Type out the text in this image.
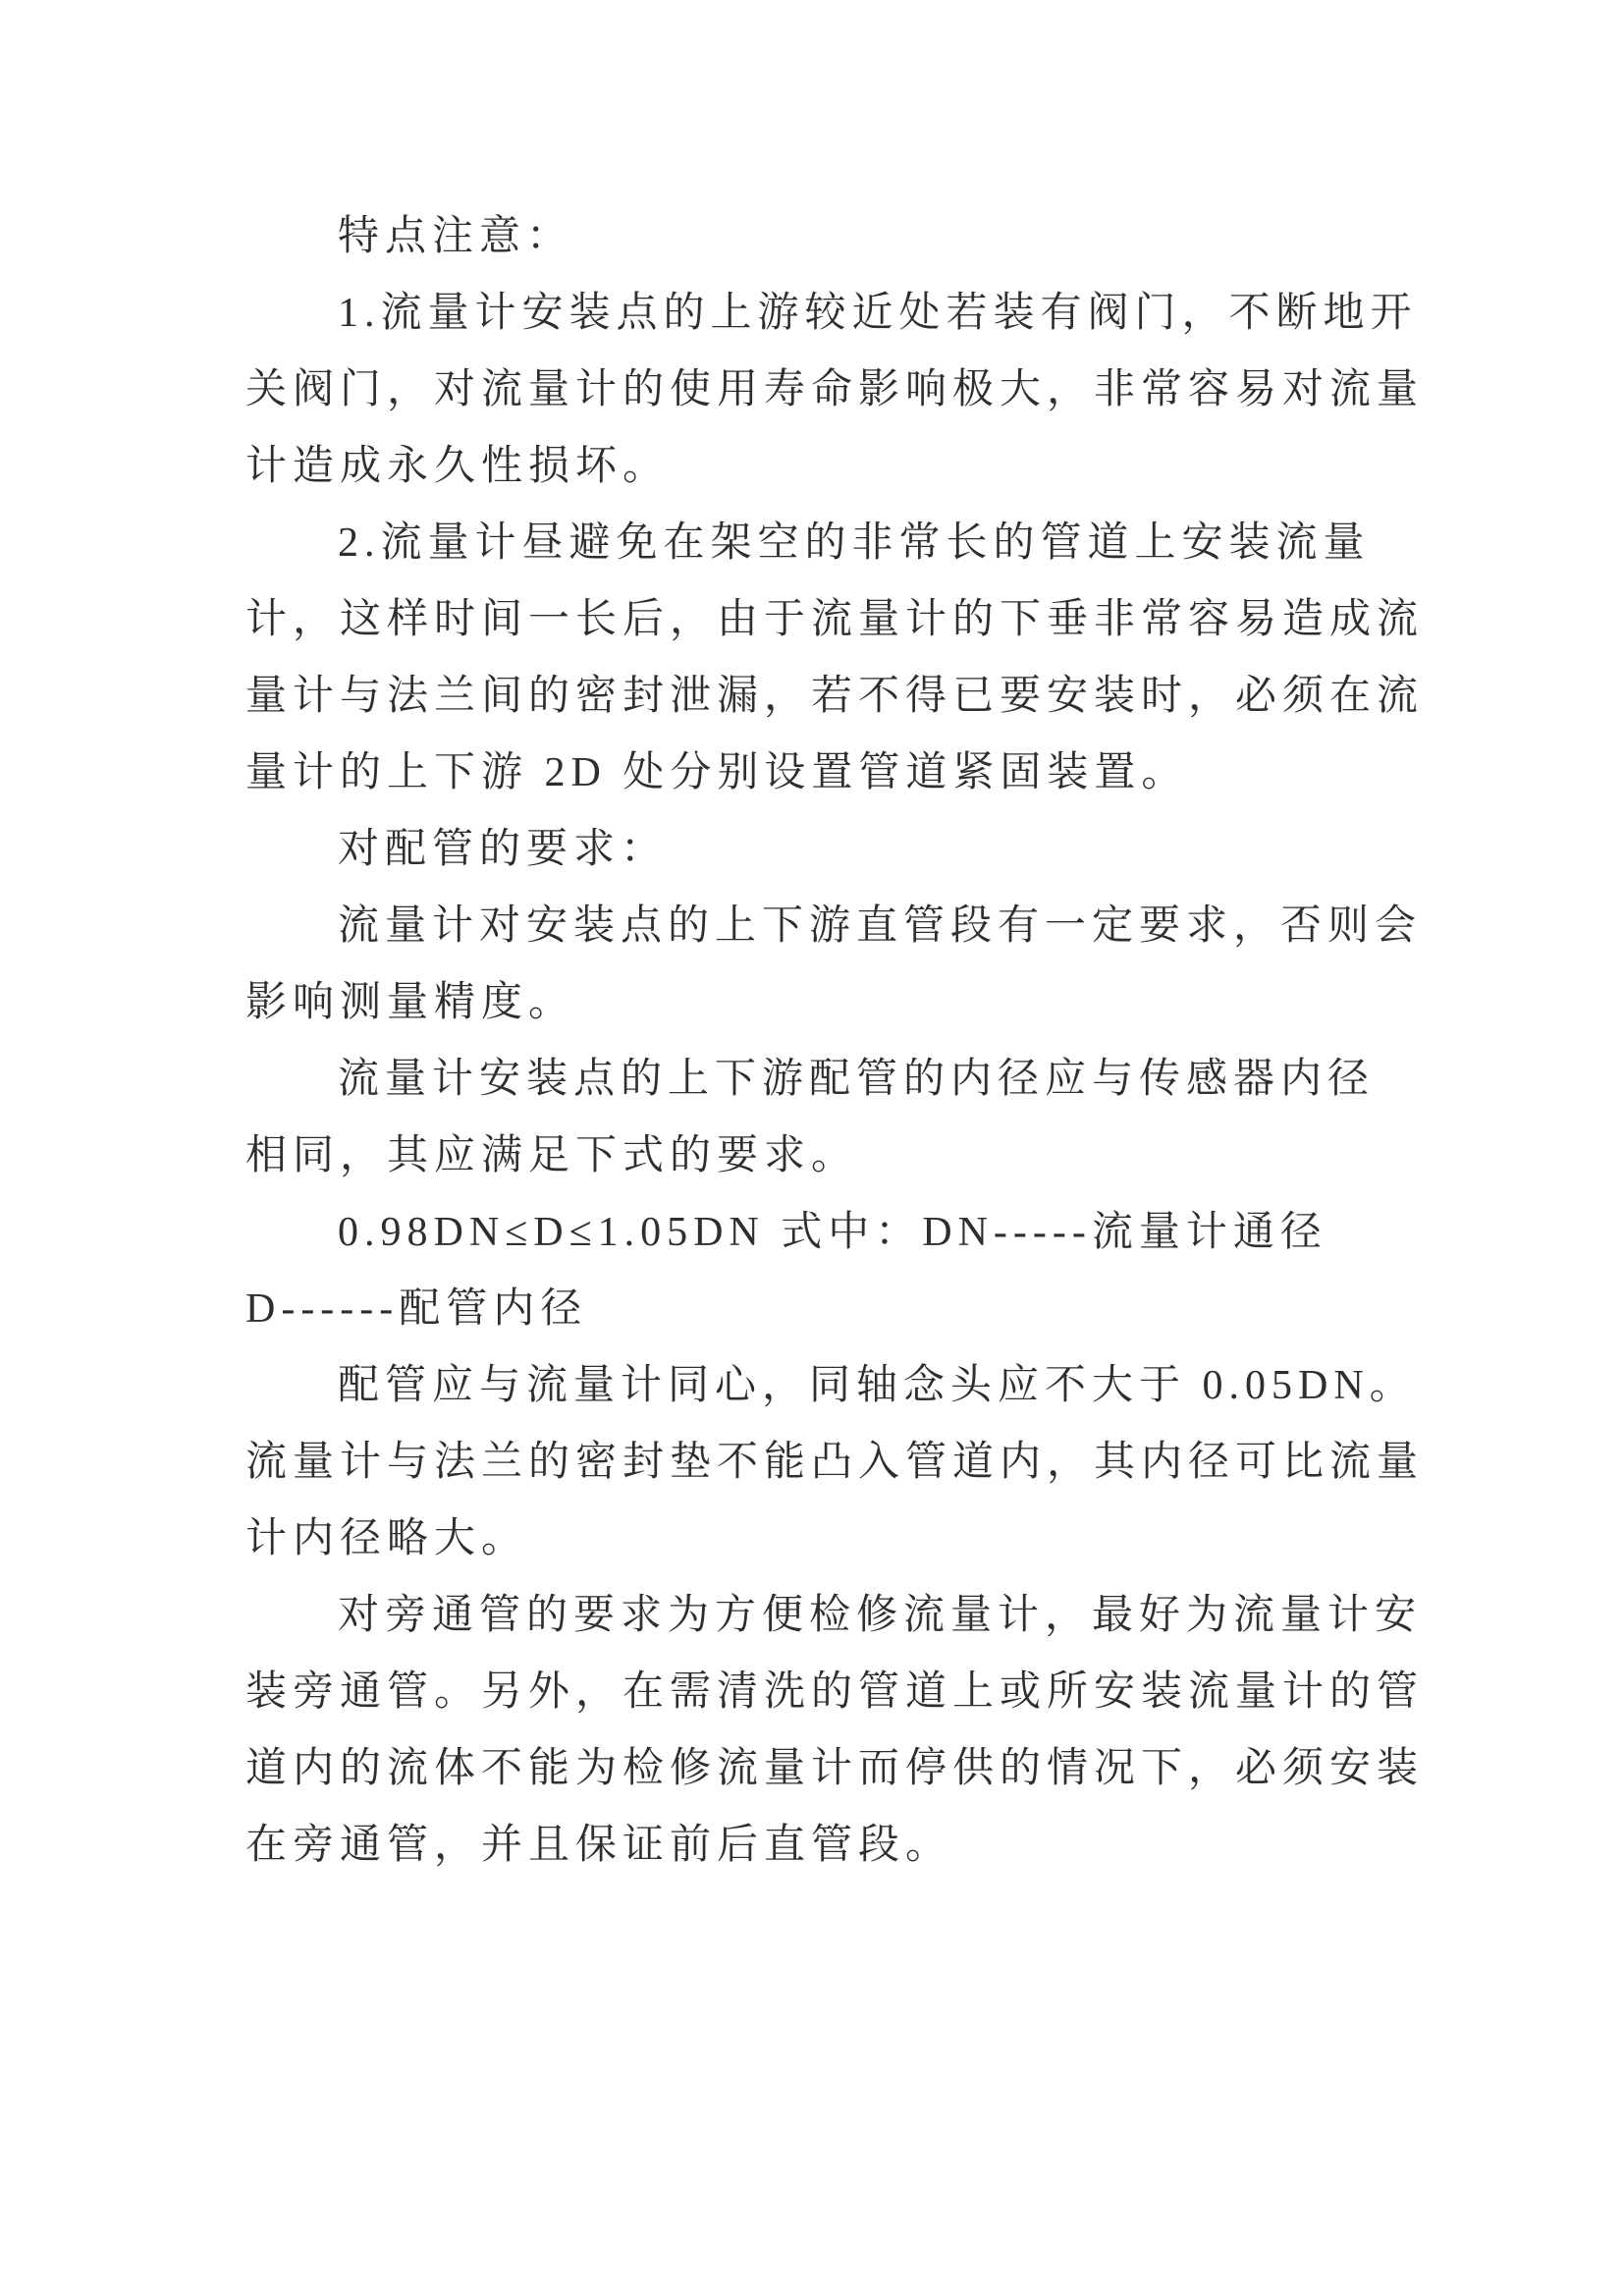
特点注意：
1.流量计安装点的上游较近处若装有阀门，不断地开
关阀门，对流量计的使用寿命影响极大，非常容易对流量
计造成永久性损坏。
2.流量计昼避免在架空的非常长的管道上安装流量
计，这样时间一长后，由于流量计的下垂非常容易造成流
量计与法兰间的密封泄漏，若不得已要安装时，必须在流
量计的上下游 2D 处分别设置管道紧固装置。
对配管的要求：
流量计对安装点的上下游直管段有一定要求，否则会
影响测量精度。
流量计安装点的上下游配管的内径应与传感器内径
相同，其应满足下式的要求。
0.98DN≤D≤1.05DN 式中：DN-----流量计通径
D------配管内径
配管应与流量计同心，同轴念头应不大于 0.05DN。
流量计与法兰的密封垫不能凸入管道内，其内径可比流量
计内径略大。
对旁通管的要求为方便检修流量计，最好为流量计安
装旁通管。另外，在需清洗的管道上或所安装流量计的管
道内的流体不能为检修流量计而停供的情况下，必须安装
在旁通管，并且保证前后直管段。
